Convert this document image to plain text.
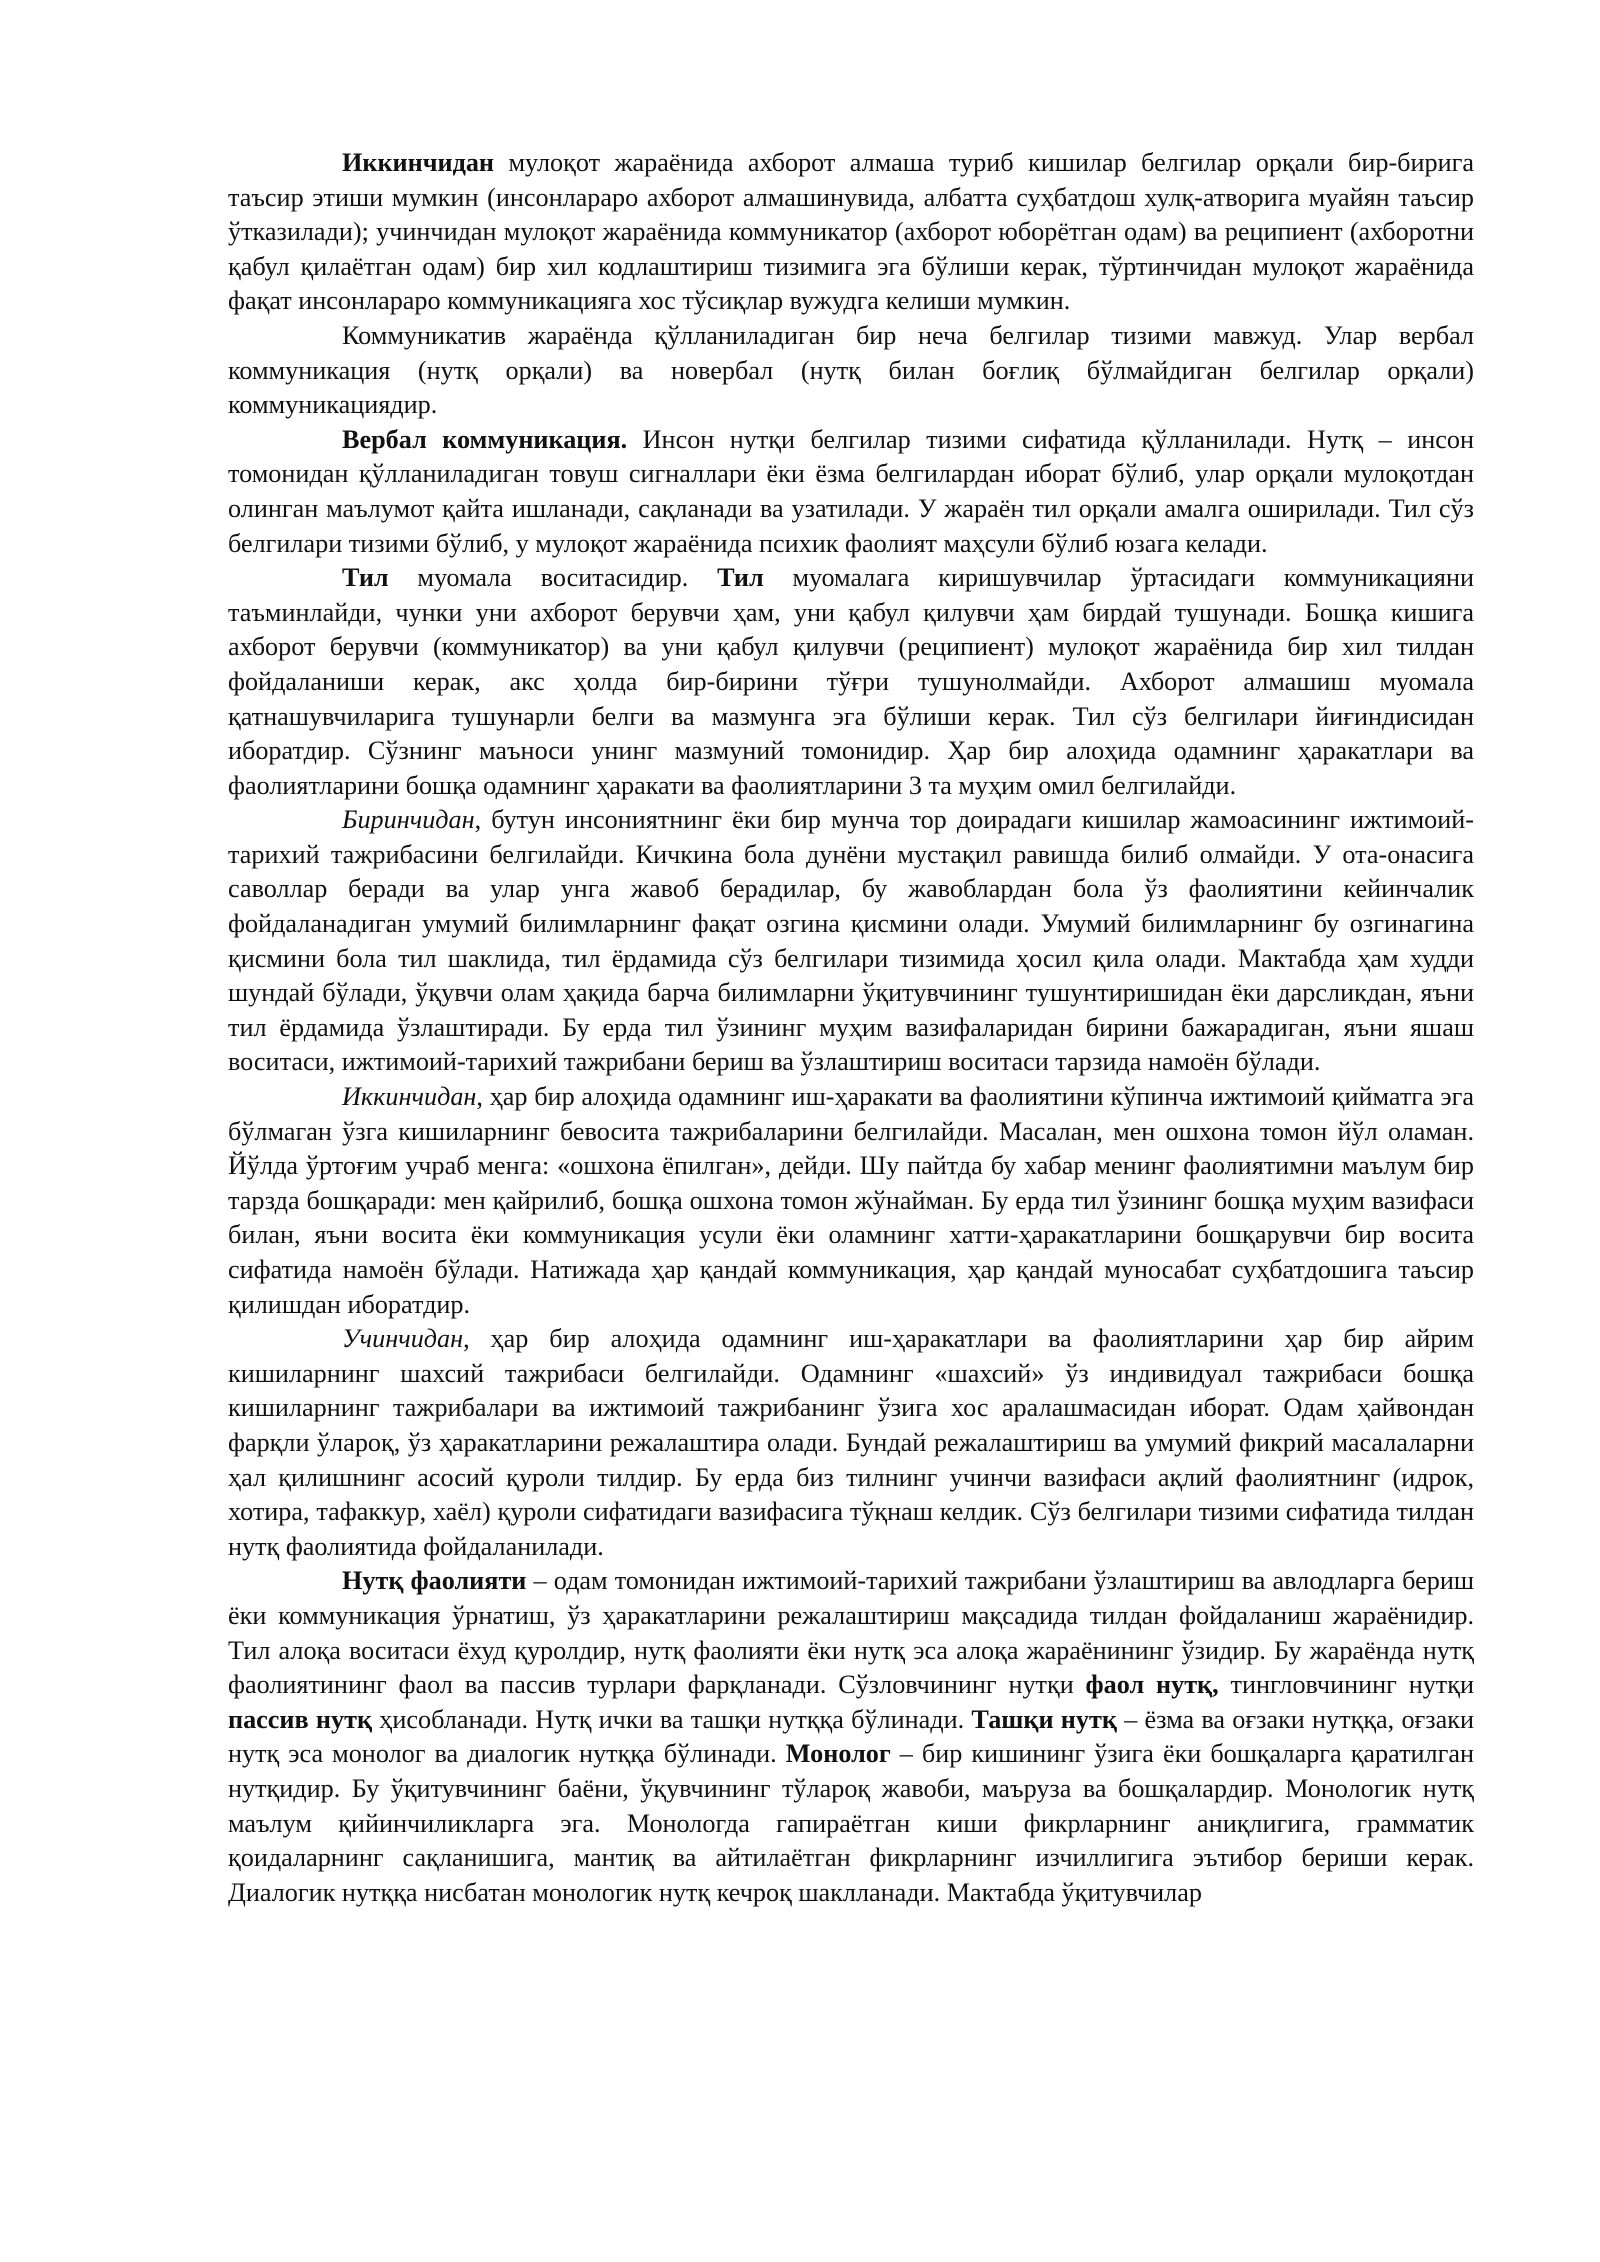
Иккинчидан мулоқот жараёнида ахборот алмаша туриб кишилар белгилар орқали бир-бирига таъсир этиши мумкин (инсонлараро ахборот алмашинувида, албатта суҳбатдош хулқ-атворига муайян таъсир ўтказилади); учинчидан мулоқот жараёнида коммуникатор (ахборот юборётган одам) ва реципиент (ахборотни қабул қилаётган одам) бир хил кодлаштириш тизимига эга бўлиши керак, тўртинчидан мулоқот жараёнида фақат инсонлараро коммуникацияга хос тўсиқлар вужудга келиши мумкин.

Коммуникатив жараёнда қўлланиладиган бир неча белгилар тизими мавжуд. Улар вербал коммуникация (нутқ орқали) ва новербал (нутқ билан боғлиқ бўлмайдиган белгилар орқали) коммуникациядир.

Вербал коммуникация. Инсон нутқи белгилар тизими сифатида қўлланилади. Нутқ – инсон томонидан қўлланиладиган товуш сигналлари ёки ёзма белгилардан иборат бўлиб, улар орқали мулоқотдан олинган маълумот қайта ишланади, сақланади ва узатилади. У жараён тил орқали амалга оширилади. Тил сўз белгилари тизими бўлиб, у мулоқот жараёнида психик фаолият маҳсули бўлиб юзага келади.

Тил муомала воситасидир. Тил муомалага киришувчилар ўртасидаги коммуникацияни таъминлайди, чунки уни ахборот берувчи ҳам, уни қабул қилувчи ҳам бирдай тушунади. Бошқа кишига ахборот берувчи (коммуникатор) ва уни қабул қилувчи (реципиент) мулоқот жараёнида бир хил тилдан фойдаланиши керак, акс ҳолда бир-бирини тўғри тушунолмайди. Ахборот алмашиш муомала қатнашувчиларига тушунарли белги ва мазмунга эга бўлиши керак. Тил сўз белгилари йиғиндисидан иборатдир. Сўзнинг маъноси унинг мазмуний томонидир. Ҳар бир алоҳида одамнинг ҳаракатлари ва фаолиятларини бошқа одамнинг ҳаракати ва фаолиятларини 3 та муҳим омил белгилайди.

Биринчидан, бутун инсониятнинг ёки бир мунча тор доирадаги кишилар жамоасининг ижтимоий-тарихий тажрибасини белгилайди. Кичкина бола дунёни мустақил равишда билиб олмайди. У ота-онасига саволлар беради ва улар унга жавоб берадилар, бу жавоблардан бола ўз фаолиятини кейинчалик фойдаланадиган умумий билимларнинг фақат озгина қисмини олади. Умумий билимларнинг бу озгинагина қисмини бола тил шаклида, тил ёрдамида сўз белгилари тизимида ҳосил қила олади. Мактабда ҳам худди шундай бўлади, ўқувчи олам ҳақида барча билимларни ўқитувчининг тушунтиришидан ёки дарсликдан, яъни тил ёрдамида ўзлаштиради. Бу ерда тил ўзининг муҳим вазифаларидан бирини бажарадиган, яъни яшаш воситаси, ижтимоий-тарихий тажрибани бериш ва ўзлаштириш воситаси тарзида намоён бўлади.

Иккинчидан, ҳар бир алоҳида одамнинг иш-ҳаракати ва фаолиятини кўпинча ижтимоий қийматга эга бўлмаган ўзга кишиларнинг бевосита тажрибаларини белгилайди. Масалан, мен ошхона томон йўл оламан. Йўлда ўртоғим учраб менга: «ошхона ёпилган», дейди. Шу пайтда бу хабар менинг фаолиятимни маълум бир тарзда бошқаради: мен қайрилиб, бошқа ошхона томон жўнайман. Бу ерда тил ўзининг бошқа муҳим вазифаси билан, яъни восита ёки коммуникация усули ёки оламнинг хатти-ҳаракатларини бошқарувчи бир восита сифатида намоён бўлади. Натижада ҳар қандай коммуникация, ҳар қандай муносабат суҳбатдошига таъсир қилишдан иборатдир.

Учинчидан, ҳар бир алоҳида одамнинг иш-ҳаракатлари ва фаолиятларини ҳар бир айрим кишиларнинг шахсий тажрибаси белгилайди. Одамнинг «шахсий» ўз индивидуал тажрибаси бошқа кишиларнинг тажрибалари ва ижтимоий тажрибанинг ўзига хос аралашмасидан иборат. Одам ҳайвондан фарқли ўлароқ, ўз ҳаракатларини режалаштира олади. Бундай режалаштириш ва умумий фикрий масалаларни ҳал қилишнинг асосий қуроли тилдир. Бу ерда биз тилнинг учинчи вазифаси ақлий фаолиятнинг (идрок, хотира, тафаккур, хаёл) қуроли сифатидаги вазифасига тўқнаш келдик. Сўз белгилари тизими сифатида тилдан нутқ фаолиятида фойдаланилади.

Нутқ фаолияти – одам томонидан ижтимоий-тарихий тажрибани ўзлаштириш ва авлодларга бериш ёки коммуникация ўрнатиш, ўз ҳаракатларини режалаштириш мақсадида тилдан фойдаланиш жараёнидир. Тил алоқа воситаси ёхуд қуролдир, нутқ фаолияти ёки нутқ эса алоқа жараёнининг ўзидир. Бу жараёнда нутқ фаолиятининг фаол ва пассив турлари фарқланади. Сўзловчининг нутқи фаол нутқ, тингловчининг нутқи пассив нутқ ҳисобланади. Нутқ ички ва ташқи нутққа бўлинади. Ташқи нутқ – ёзма ва оғзаки нутққа, оғзаки нутқ эса монолог ва диалогик нутққа бўлинади. Монолог – бир кишининг ўзига ёки бошқаларга қаратилган нутқидир. Бу ўқитувчининг баёни, ўқувчининг тўлароқ жавоби, маъруза ва бошқалардир. Монологик нутқ маълум қийинчиликларга эга. Монологда гапираётган киши фикрларнинг аниқлигига, грамматик қоидаларнинг сақланишига, мантиқ ва айтилаётган фикрларнинг изчиллигига эътибор бериши керак. Диалогик нутққа нисбатан монологик нутқ кечроқ шаклланади. Мактабда ўқитувчилар
